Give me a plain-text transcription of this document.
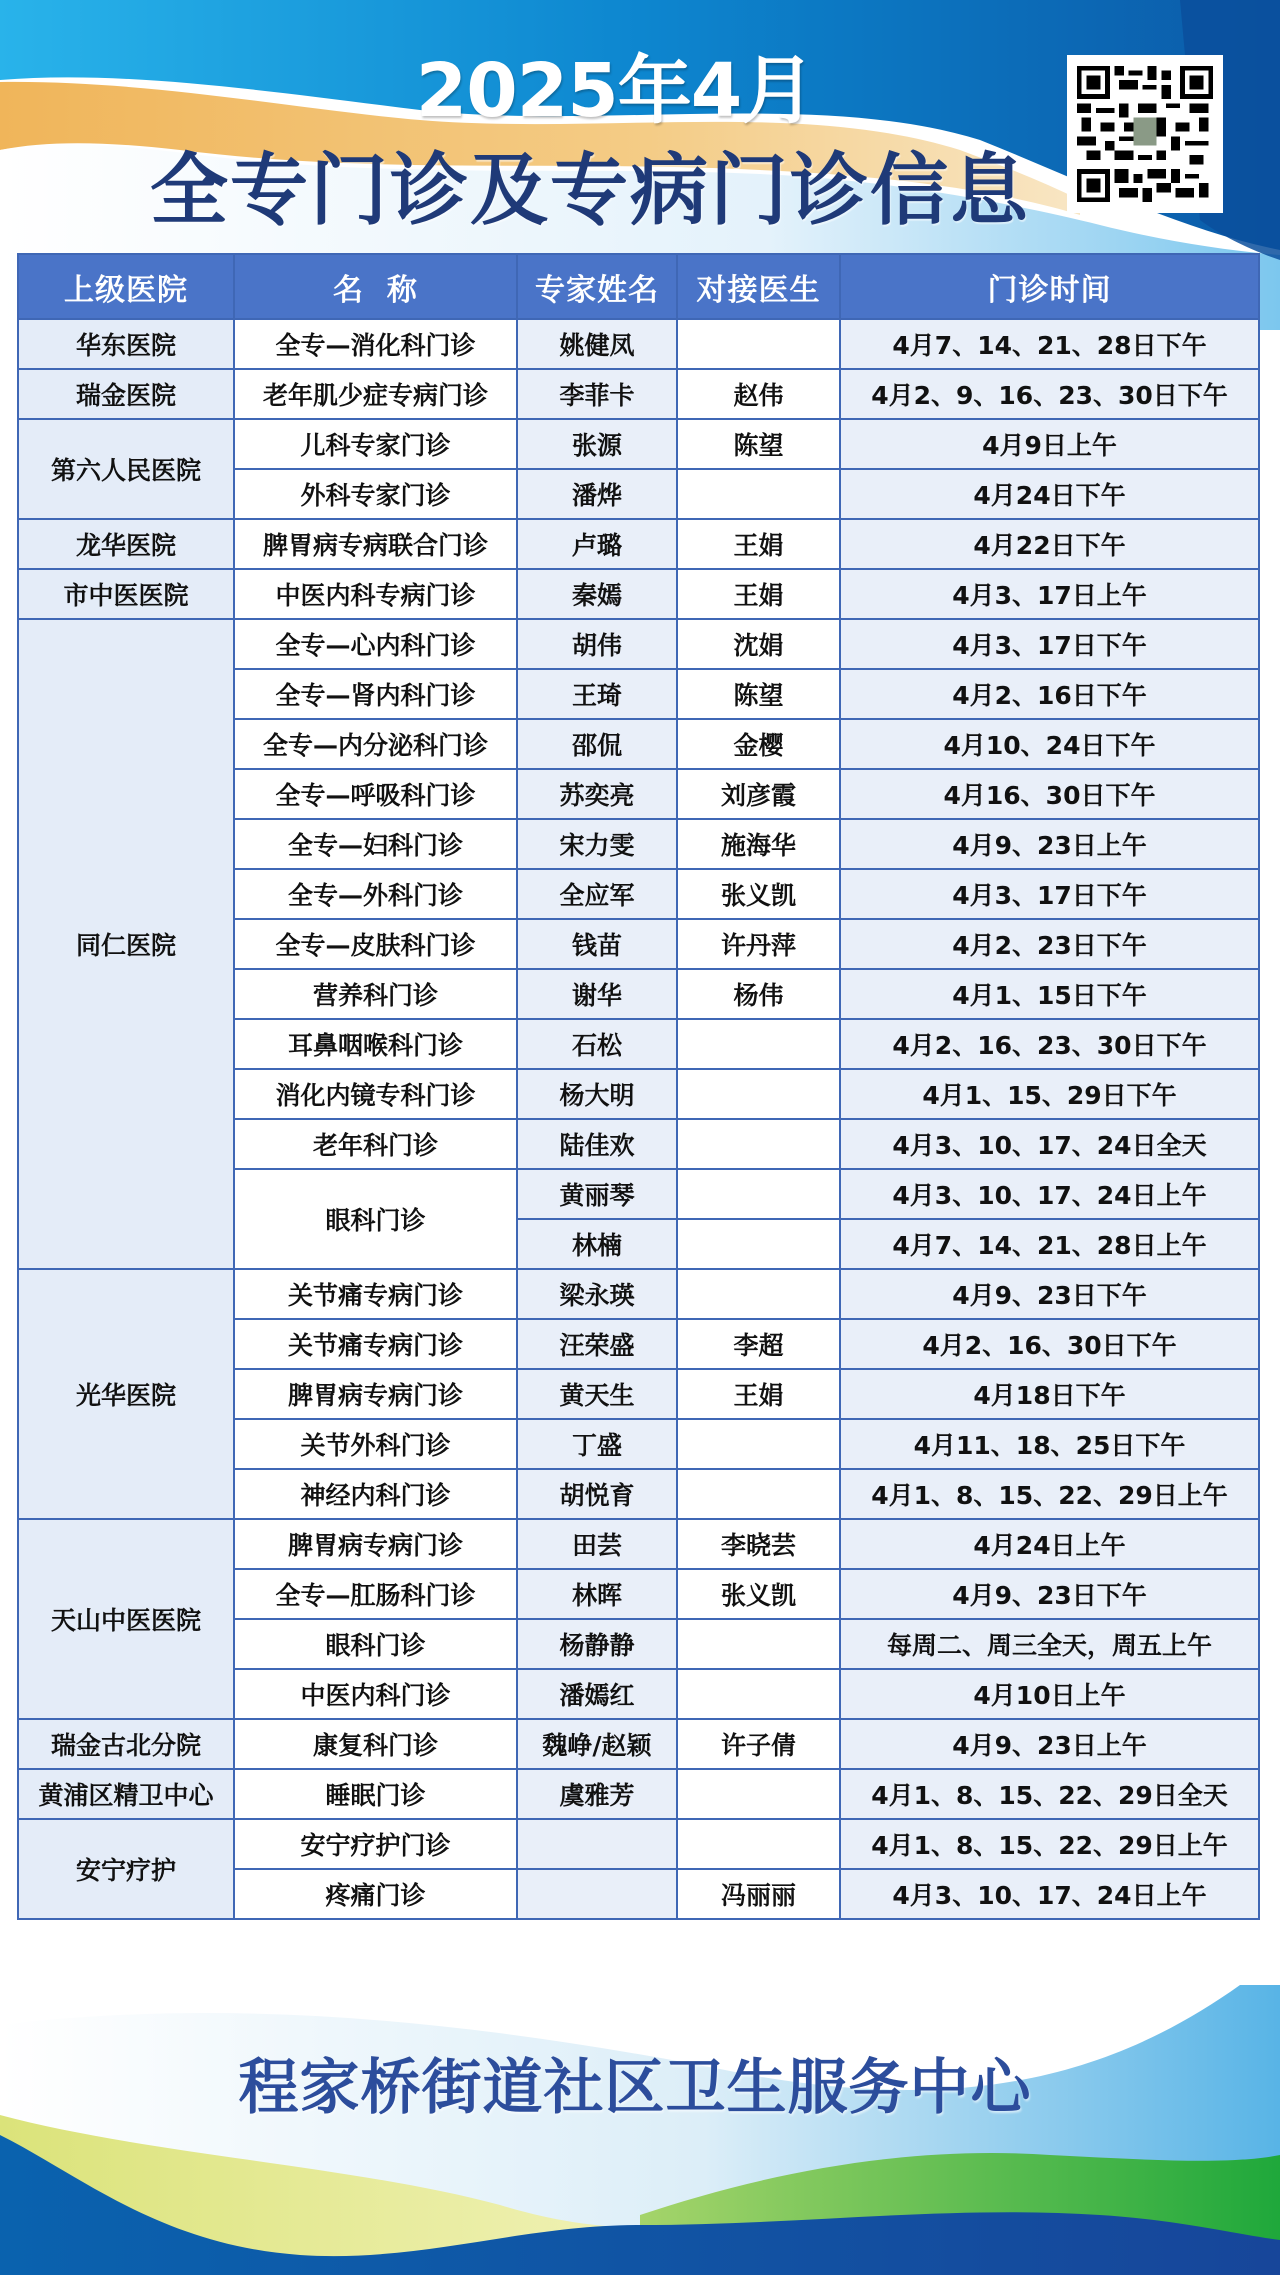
2025年4月
全专门诊及专病门诊信息
上级医院	名  称	专家姓名	对接医生	门诊时间
华东医院	全专—消化科门诊	姚健凤		4月7、14、21、28日下午
瑞金医院	老年肌少症专病门诊	李菲卡	赵伟	4月2、9、16、23、30日下午
第六人民医院	儿科专家门诊	张源	陈望	4月9日上午
	外科专家门诊	潘烨		4月24日下午
龙华医院	脾胃病专病联合门诊	卢璐	王娟	4月22日下午
市中医医院	中医内科专病门诊	秦嫣	王娟	4月3、17日上午
同仁医院	全专—心内科门诊	胡伟	沈娟	4月3、17日下午
	全专—肾内科门诊	王琦	陈望	4月2、16日下午
	全专—内分泌科门诊	邵侃	金樱	4月10、24日下午
	全专—呼吸科门诊	苏奕亮	刘彦霞	4月16、30日下午
	全专—妇科门诊	宋力雯	施海华	4月9、23日上午
	全专—外科门诊	全应军	张义凯	4月3、17日下午
	全专—皮肤科门诊	钱苗	许丹萍	4月2、23日下午
	营养科门诊	谢华	杨伟	4月1、15日下午
	耳鼻咽喉科门诊	石松		4月2、16、23、30日下午
	消化内镜专科门诊	杨大明		4月1、15、29日下午
	老年科门诊	陆佳欢		4月3、10、17、24日全天
	眼科门诊	黄丽琴		4月3、10、17、24日上午
		林楠		4月7、14、21、28日上午
光华医院	关节痛专病门诊	梁永瑛		4月9、23日下午
	关节痛专病门诊	汪荣盛	李超	4月2、16、30日下午
	脾胃病专病门诊	黄天生	王娟	4月18日下午
	关节外科门诊	丁盛		4月11、18、25日下午
	神经内科门诊	胡悦育		4月1、8、15、22、29日上午
天山中医医院	脾胃病专病门诊	田芸	李晓芸	4月24日上午
	全专—肛肠科门诊	林晖	张义凯	4月9、23日下午
	眼科门诊	杨静静		每周二、周三全天，周五上午
	中医内科门诊	潘嫣红		4月10日上午
瑞金古北分院	康复科门诊	魏峥/赵颖	许子倩	4月9、23日上午
黄浦区精卫中心	睡眠门诊	虞雅芳		4月1、8、15、22、29日全天
安宁疗护	安宁疗护门诊			4月1、8、15、22、29日上午
	疼痛门诊		冯丽丽	4月3、10、17、24日上午
程家桥街道社区卫生服务中心
